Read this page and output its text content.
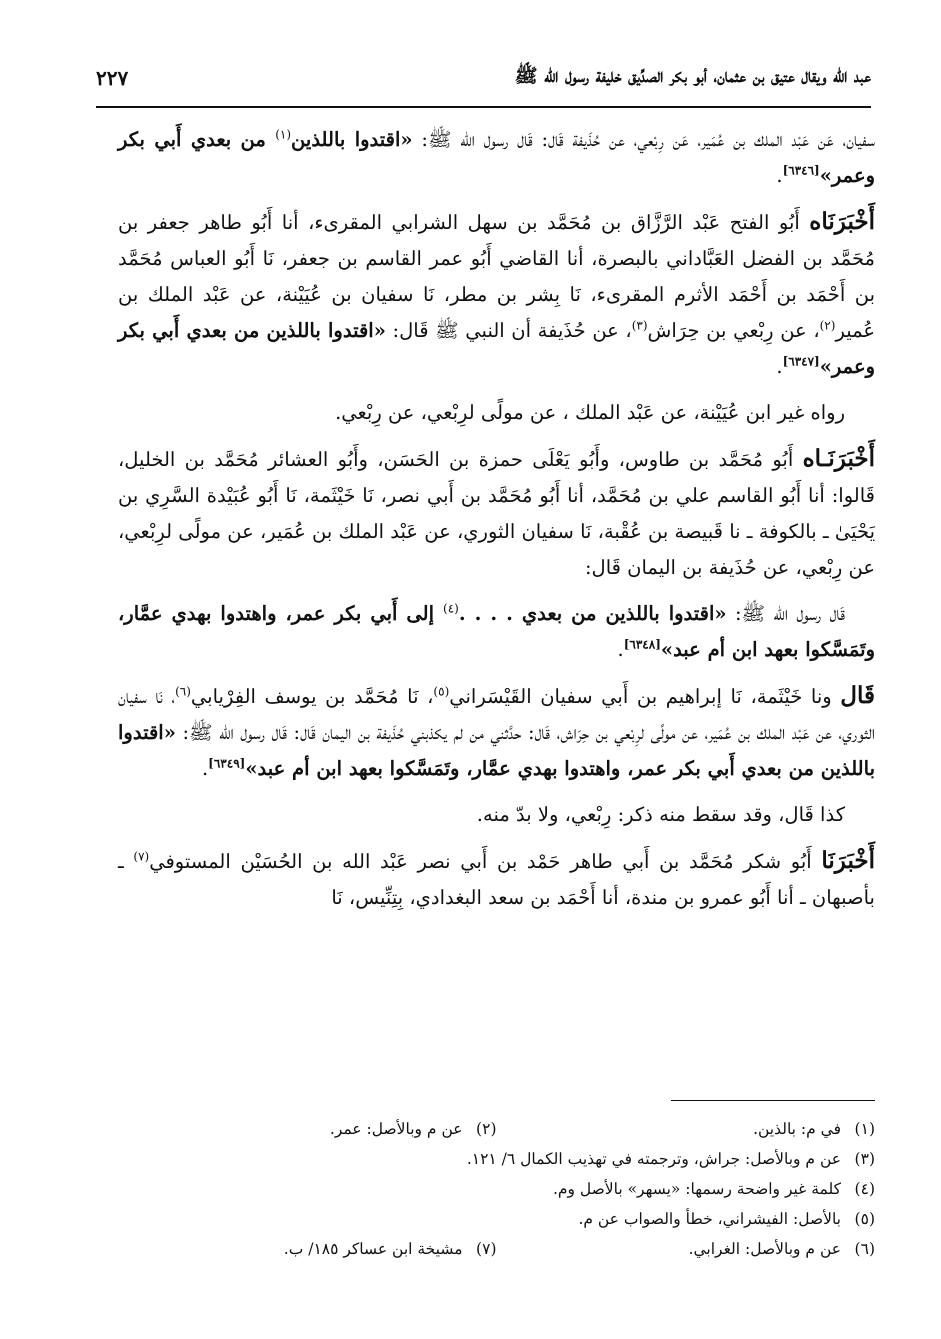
عبد الله ويقال عتيق بن عثمان، أبو بكر الصدِّيق خليفة رسول الله ﷺ
٢٢٧

سفيان، عَن عَبْد الملك بن عُمَير، عَن رِبْعي، عن حُذَيفة قَال: قَال رسول الله ﷺ: «اقتدوا باللذين$^{(١)}$ من بعدي أَبي بكر وعمر»[٦٣٤٦].

أَخْبَرَنَاه أَبُو الفتح عَبْد الرَّزَّاق بن مُحَمَّد بن سهل الشرابي المقرىء، أنا أَبُو طاهر جعفر بن مُحَمَّد بن الفضل العَبَّاداني بالبصرة، أنا القاضي أَبُو عمر القاسم بن جعفر، نَا أَبُو العباس مُحَمَّد بن أَحْمَد بن أَحْمَد الأثرم المقرىء، نَا بِشر بن مطر، نَا سفيان بن عُيَيْنة، عن عَبْد الملك بن عُمير$^{(٢)}$، عن رِبْعي بن حِرَاش$^{(٣)}$، عن حُذَيفة أن النبي ﷺ قَال: «اقتدوا باللذين من بعدي أَبي بكر وعمر»[٦٣٤٧].

رواه غير ابن عُيَيْنة، عن عَبْد الملك ، عن مولًى لرِبْعي، عن رِبْعي.

أَخْبَرَنَـاه أَبُو مُحَمَّد بن طاوس، وأَبُو يَعْلَى حمزة بن الحَسَن، وأَبُو العشائر مُحَمَّد بن الخليل، قَالوا: أنا أَبُو القاسم علي بن مُحَمَّد، أنا أَبُو مُحَمَّد بن أَبي نصر، نَا خَيْثَمة، نَا أَبُو عُبَيْدة السَّرِي بن يَحْيَىٰ ـ بالكوفة ـ نا قَبيصة بن عُقْبة، نَا سفيان الثوري، عن عَبْد الملك بن عُمَير، عن مولًى لرِبْعي، عن رِبْعي، عن حُذَيفة بن اليمان قَال:

قَال رسول الله ﷺ: «اقتدوا باللذين من بعدي . . . .$^{(٤)}$ إلى أَبي بكر عمر، واهتدوا بهدي عمَّار، وتَمَسَّكوا بعهد ابن أم عبد»[٦٣٤٨].

قَال ونا خَيْثَمة، نَا إبراهيم بن أَبي سفيان القَيْسَراني$^{(٥)}$، نَا مُحَمَّد بن يوسف الفِرْيابي$^{(٦)}$، نَا سفيان الثوري، عن عَبْد الملك بن عُمَير، عن مولًى لرِبْعي بن حِرَاش، قَال: حدَّثني من لم يكذبني حُذَيفة بن اليمان قَال: قَال رسول الله ﷺ: «اقتدوا باللذين من بعدي أَبي بكر عمر، واهتدوا بهدي عمَّار، وتَمَسَّكوا بعهد ابن أم عبد»[٦٣٤٩].

كذا قَال، وقد سقط منه ذكر: رِبْعي، ولا بدّ منه.

أَخْبَرَنَا أَبُو شكر مُحَمَّد بن أَبي طاهر حَمْد بن أَبي نصر عَبْد الله بن الحُسَيْن المستوفي$^{(٧)}$ ـ بأصبهان ـ أنا أَبُو عمرو بن مندة، أنا أَحْمَد بن سعد البغدادي، بِتِنِّيس، نَا

(١)في م: بالذين.
(٢)عن م وبالأصل: عمر.
(٣)عن م وبالأصل: جراش، وترجمته في تهذيب الكمال ٦/ ١٢١.
(٤)كلمة غير واضحة رسمها: «يسهر» بالأصل وم.
(٥)بالأصل: الفيشراني، خطأ والصواب عن م.
(٦)عن م وبالأصل: الغرابي.
(٧)مشيخة ابن عساكر ١٨٥/ ب.
